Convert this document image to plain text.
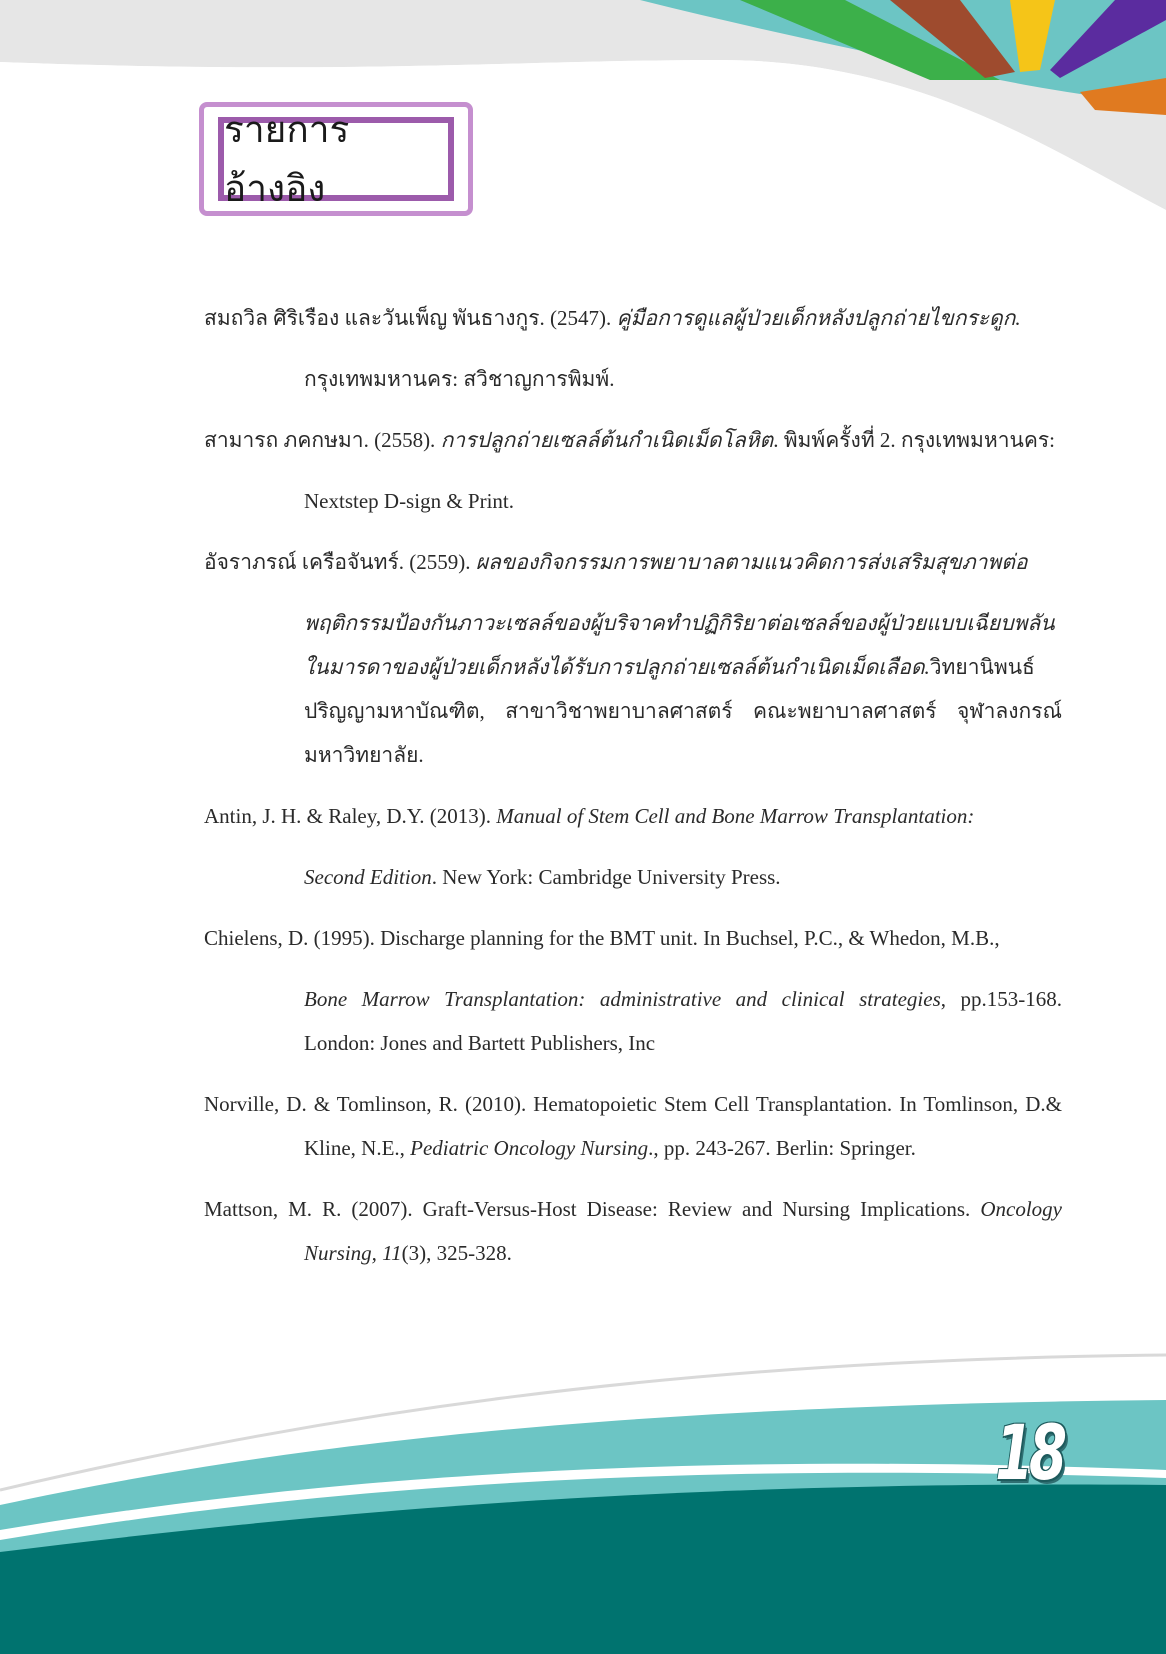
รายการอ้างอิง
สมถวิล ศิริเรือง และวันเพ็ญ พันธางกูร. (2547). คู่มือการดูแลผู้ป่วยเด็กหลังปลูกถ่ายไขกระดูก.
กรุงเทพมหานคร: สวิชาญการพิมพ์.
สามารถ ภคกษมา. (2558). การปลูกถ่ายเซลล์ต้นกำเนิดเม็ดโลหิต. พิมพ์ครั้งที่ 2. กรุงเทพมหานคร:
Nextstep D-sign & Print.
อัจราภรณ์ เครือจันทร์. (2559). ผลของกิจกรรมการพยาบาลตามแนวคิดการส่งเสริมสุขภาพต่อ
พฤติกรรมป้องกันภาวะเซลล์ของผู้บริจาคทำปฏิกิริยาต่อเซลล์ของผู้ป่วยแบบเฉียบพลัน ในมารดาของผู้ป่วยเด็กหลังได้รับการปลูกถ่ายเซลล์ต้นกำเนิดเม็ดเลือด.วิทยานิพนธ์ ปริญญามหาบัณฑิต, สาขาวิชาพยาบาลศาสตร์ คณะพยาบาลศาสตร์ จุฬาลงกรณ์มหาวิทยาลัย.
Antin, J. H. & Raley, D.Y. (2013). Manual of Stem Cell and Bone Marrow Transplantation:
Second Edition. New York: Cambridge University Press.
Chielens, D. (1995). Discharge planning for the BMT unit. In Buchsel, P.C., & Whedon, M.B.,
Bone Marrow Transplantation: administrative and clinical strategies, pp.153-168. London: Jones and Bartett Publishers, Inc
Norville, D. & Tomlinson, R. (2010). Hematopoietic Stem Cell Transplantation. In Tomlinson, D.& Kline, N.E., Pediatric Oncology Nursing., pp. 243-267. Berlin: Springer.
Mattson, M. R. (2007). Graft-Versus-Host Disease: Review and Nursing Implications. Oncology Nursing, 11(3), 325-328.
18
